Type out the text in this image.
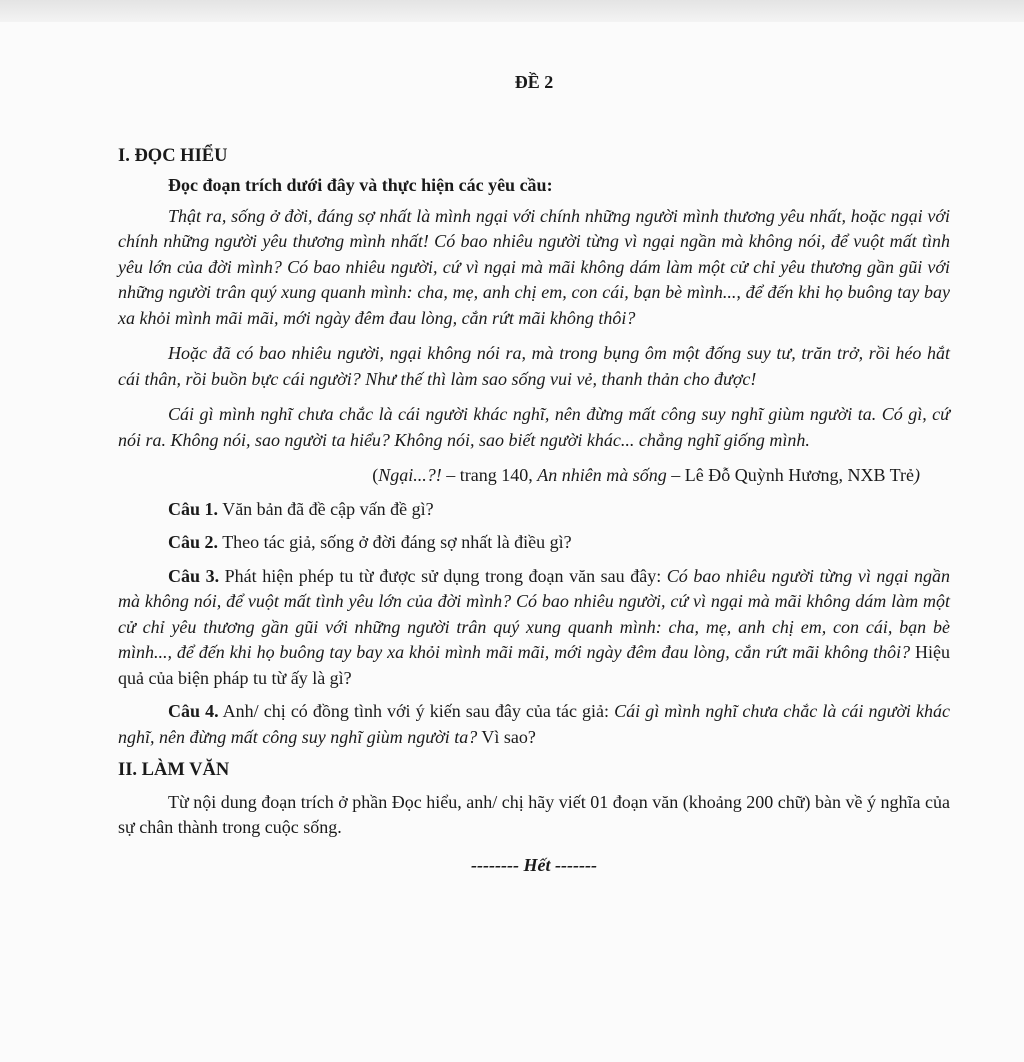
ĐỀ 2

I. ĐỌC HIỂU

Đọc đoạn trích dưới đây và thực hiện các yêu cầu:

Thật ra, sống ở đời, đáng sợ nhất là mình ngại với chính những người mình thương yêu nhất, hoặc ngại với chính những người yêu thương mình nhất! Có bao nhiêu người từng vì ngại ngần mà không nói, để vuột mất tình yêu lớn của đời mình? Có bao nhiêu người, cứ vì ngại mà mãi không dám làm một cử chỉ yêu thương gần gũi với những người trân quý xung quanh mình: cha, mẹ, anh chị em, con cái, bạn bè mình..., để đến khi họ buông tay bay xa khỏi mình mãi mãi, mới ngày đêm đau lòng, cắn rứt mãi không thôi?

Hoặc đã có bao nhiêu người, ngại không nói ra, mà trong bụng ôm một đống suy tư, trăn trở, rồi héo hắt cái thân, rồi buồn bực cái người? Như thế thì làm sao sống vui vẻ, thanh thản cho được!

Cái gì mình nghĩ chưa chắc là cái người khác nghĩ, nên đừng mất công suy nghĩ giùm người ta. Có gì, cứ nói ra. Không nói, sao người ta hiểu? Không nói, sao biết người khác... chẳng nghĩ giống mình.

(Ngại...?! – trang 140, An nhiên mà sống – Lê Đỗ Quỳnh Hương, NXB Trẻ)

Câu 1. Văn bản đã đề cập vấn đề gì?

Câu 2. Theo tác giả, sống ở đời đáng sợ nhất là điều gì?

Câu 3. Phát hiện phép tu từ được sử dụng trong đoạn văn sau đây: Có bao nhiêu người từng vì ngại ngần mà không nói, để vuột mất tình yêu lớn của đời mình? Có bao nhiêu người, cứ vì ngại mà mãi không dám làm một cử chỉ yêu thương gần gũi với những người trân quý xung quanh mình: cha, mẹ, anh chị em, con cái, bạn bè mình..., để đến khi họ buông tay bay xa khỏi mình mãi mãi, mới ngày đêm đau lòng, cắn rứt mãi không thôi? Hiệu quả của biện pháp tu từ ấy là gì?

Câu 4. Anh/ chị có đồng tình với ý kiến sau đây của tác giả: Cái gì mình nghĩ chưa chắc là cái người khác nghĩ, nên đừng mất công suy nghĩ giùm người ta? Vì sao?

II. LÀM VĂN

Từ nội dung đoạn trích ở phần Đọc hiểu, anh/ chị hãy viết 01 đoạn văn (khoảng 200 chữ) bàn về ý nghĩa của sự chân thành trong cuộc sống.

-------- Hết -------
